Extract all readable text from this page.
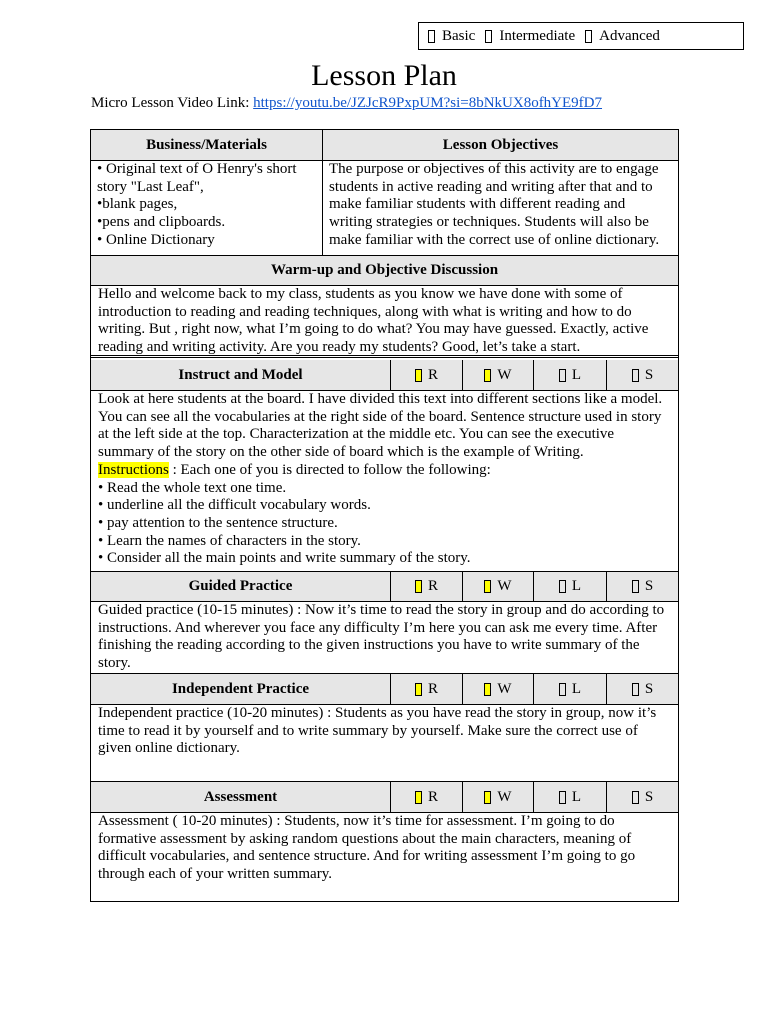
Basic Intermediate Advanced
Lesson Plan
Micro Lesson Video Link: https://youtu.be/JZJcR9PxpUM?si=8bNkUX8ofhYE9fD7
Business/Materials	Lesson Objectives
• Original text of O Henry's short story "Last Leaf",
•blank pages,
•pens and clipboards.
• Online Dictionary
The purpose or objectives of this activity are to engage students in active reading and writing after that and to make familiar students with different reading and writing strategies or techniques. Students will also be make familiar with the correct use of online dictionary.
Warm-up and Objective Discussion
Hello and welcome back to my class, students as you know we have done with some of introduction to reading and reading techniques, along with what is writing and how to do writing. But , right now, what I’m going to do what? You may have guessed. Exactly, active reading and writing activity. Are you ready my students? Good, let’s take a start.
Instruct and Model	R	W	L	S
Look at here students at the board. I have divided this text into different sections like a model. You can see all the vocabularies at the right side of the board. Sentence structure used in story at the left side at the top. Characterization at the middle etc. You can see the executive summary of the story on the other side of board which is the example of Writing.
Instructions : Each one of you is directed to follow the following:
• Read the whole text one time.
• underline all the difficult vocabulary words.
• pay attention to the sentence structure.
• Learn the names of characters in the story.
• Consider all the main points and write summary of the story.
Guided Practice	R	W	L	S
Guided practice (10-15 minutes) : Now it’s time to read the story in group and do according to instructions. And wherever you face any difficulty I’m here you can ask me every time. After finishing the reading according to the given instructions you have to write summary of the story.
Independent Practice	R	W	L	S
Independent practice (10-20 minutes) : Students as you have read the story in group, now it’s time to read it by yourself and to write summary by yourself. Make sure the correct use of given online dictionary.
Assessment	R	W	L	S
Assessment ( 10-20 minutes) : Students, now it’s time for assessment. I’m going to do formative assessment by asking random questions about the main characters, meaning of difficult vocabularies, and sentence structure. And for writing assessment I’m going to go through each of your written summary.
